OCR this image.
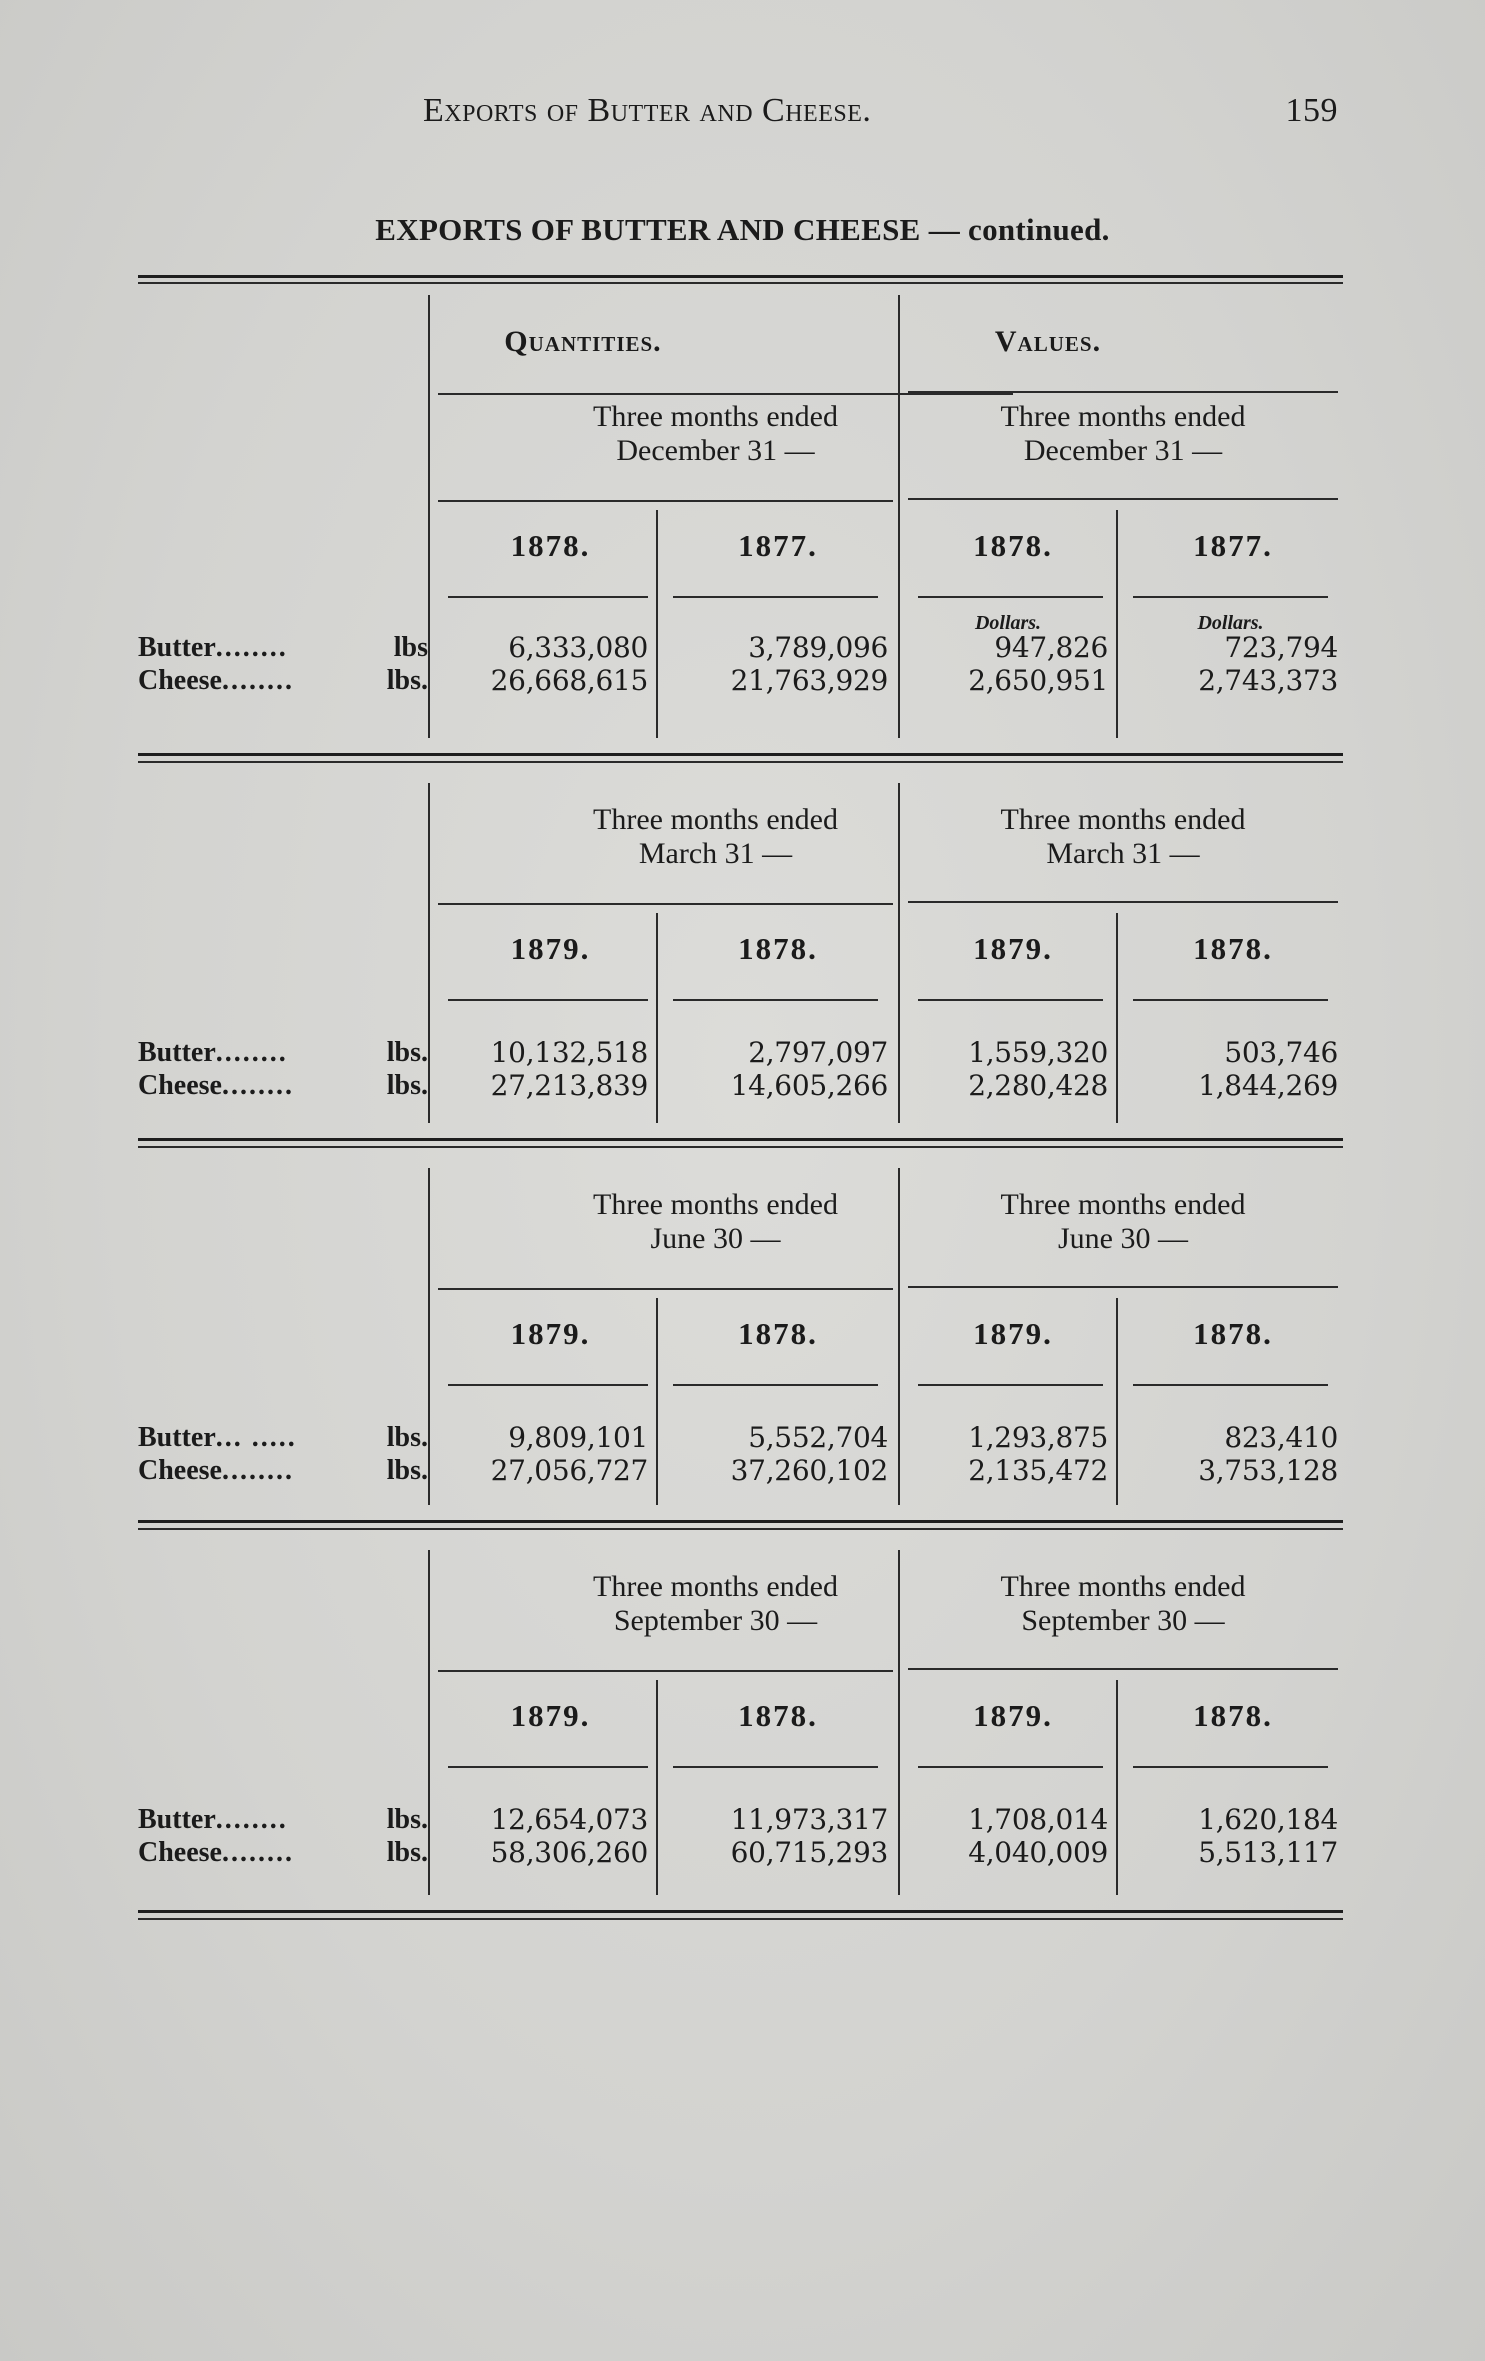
Exports of Butter and Cheese.	159
EXPORTS OF BUTTER AND CHEESE — continued.
Quantities.	Values.
Three months ended
December 31 —
Three months ended
December 31 —
1878.	1877.	1878.	1877.
Dollars.	Dollars.
Butter ........	lbs	6,333,080	3,789,096	947,826	723,794
Cheese ........	lbs.	26,668,615	21,763,929	2,650,951	2,743,373
Three months ended
March 31 —
Three months ended
March 31 —
1879.	1878.	1879.	1878.
Butter ........	lbs.	10,132,518	2,797,097	1,559,320	503,746
Cheese ........	lbs.	27,213,839	14,605,266	2,280,428	1,844,269
Three months ended
June 30 —
Three months ended
June 30 —
1879.	1878.	1879.	1878.
Butter ... .....	lbs.	9,809,101	5,552,704	1,293,875	823,410
Cheese ........	lbs.	27,056,727	37,260,102	2,135,472	3,753,128
Three months ended
September 30 —
Three months ended
September 30 —
1879.	1878.	1879.	1878.
Butter ........	lbs.	12,654,073	11,973,317	1,708,014	1,620,184
Cheese ........	lbs.	58,306,260	60,715,293	4,040,009	5,513,117
